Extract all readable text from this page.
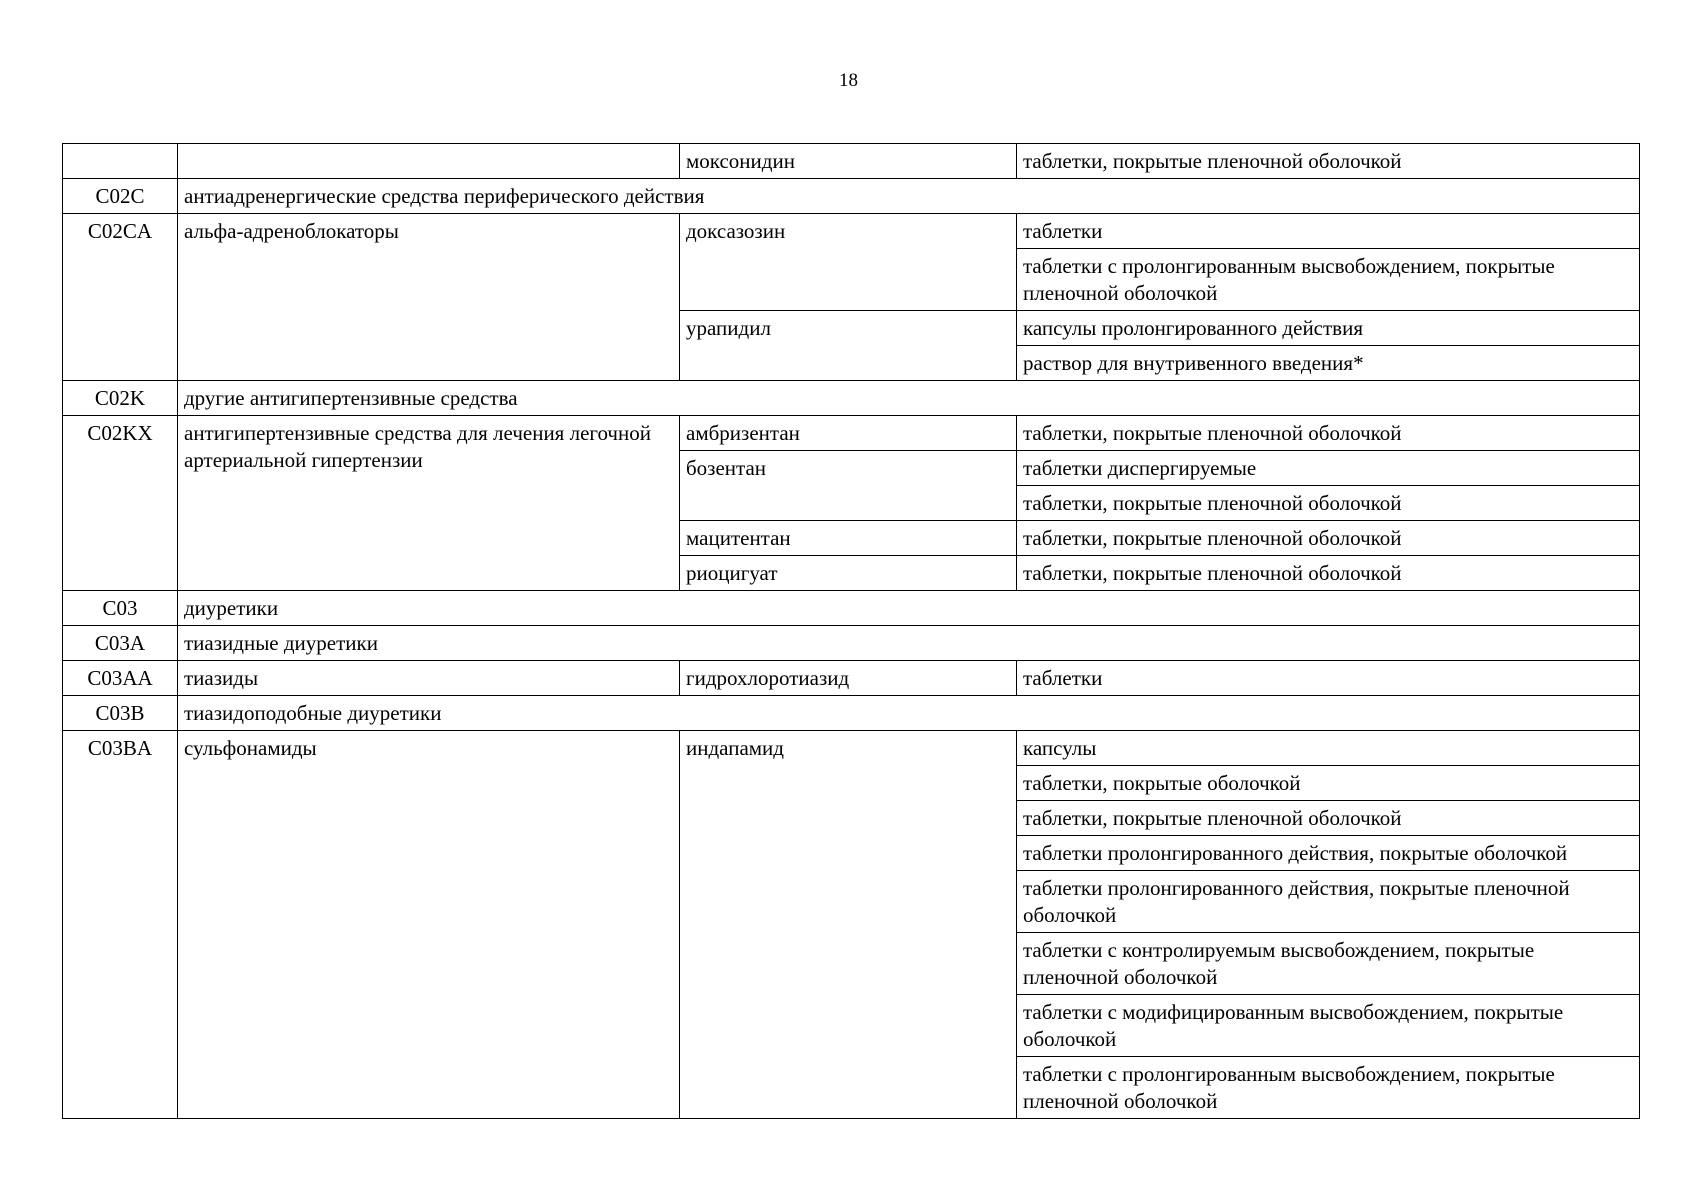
18
		моксонидин	таблетки, покрытые пленочной оболочкой
C02C	антиадренергические средства периферического действия		
C02CA	альфа-адреноблокаторы	доксазозин	таблетки
			таблетки с пролонгированным высвобождением, покрытые пленочной оболочкой
		урапидил	капсулы пролонгированного действия
			раствор для внутривенного введения*
C02K	другие антигипертензивные средства		
C02KX	антигипертензивные средства для лечения легочной артериальной гипертензии	амбризентан	таблетки, покрытые пленочной оболочкой
		бозентан	таблетки диспергируемые
			таблетки, покрытые пленочной оболочкой
		мацитентан	таблетки, покрытые пленочной оболочкой
		риоцигуат	таблетки, покрытые пленочной оболочкой
C03	диуретики		
C03A	тиазидные диуретики		
C03AA	тиазиды	гидрохлоротиазид	таблетки
C03B	тиазидоподобные диуретики		
C03BA	сульфонамиды	индапамид	капсулы
			таблетки, покрытые оболочкой
			таблетки, покрытые пленочной оболочкой
			таблетки пролонгированного действия, покрытые оболочкой
			таблетки пролонгированного действия, покрытые пленочной оболочкой
			таблетки с контролируемым высвобождением, покрытые пленочной оболочкой
			таблетки с модифицированным высвобождением, покрытые оболочкой
			таблетки с пролонгированным высвобождением, покрытые пленочной оболочкой
